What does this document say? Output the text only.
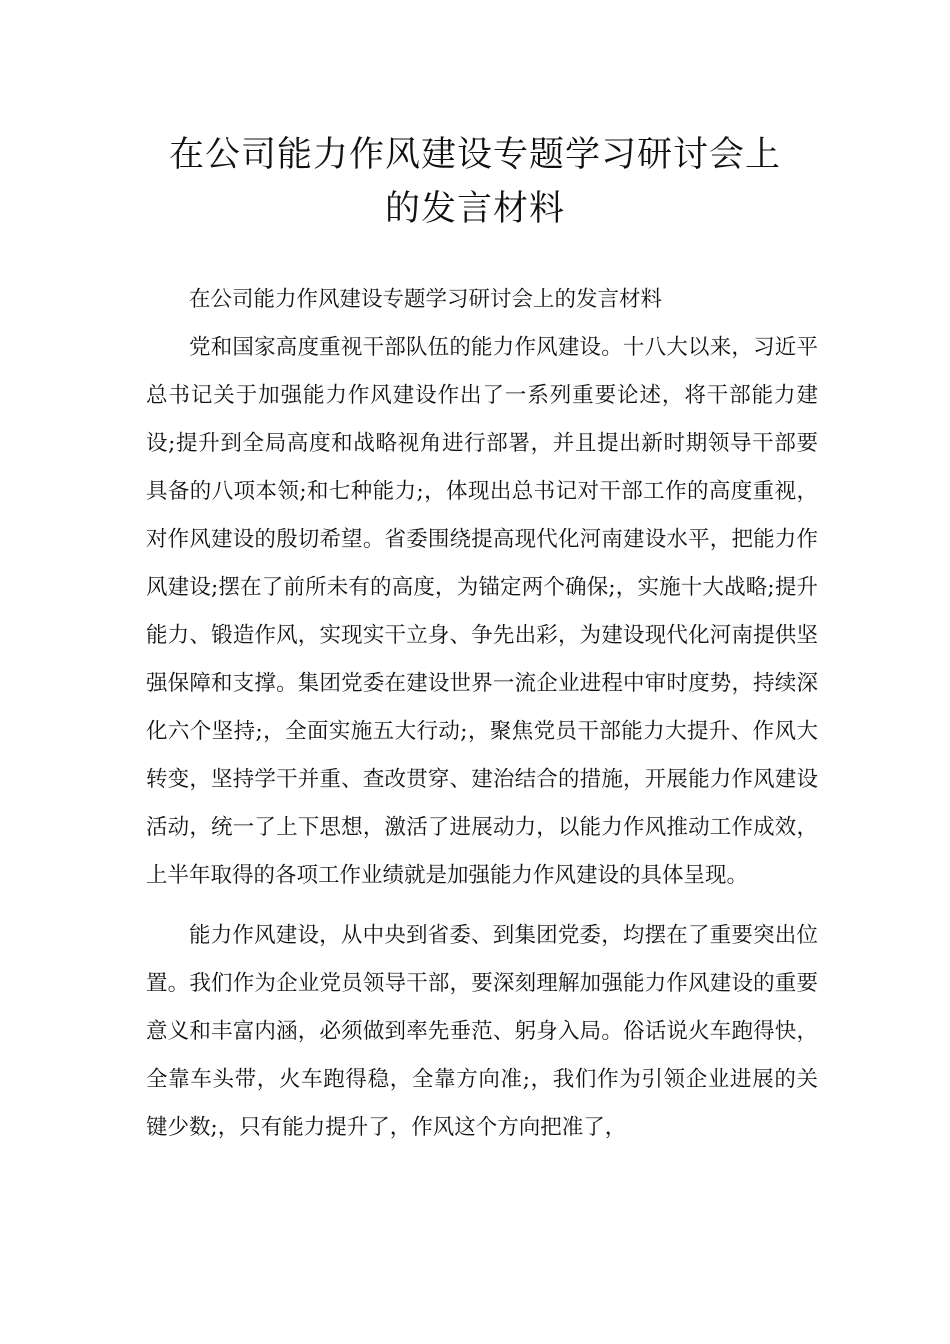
在公司能力作风建设专题学习研讨会上
的发言材料

在公司能力作风建设专题学习研讨会上的发言材料

党和国家高度重视干部队伍的能力作风建设。十八大以来，习近平总书记关于加强能力作风建设作出了一系列重要论述，将干部能力建设;提升到全局高度和战略视角进行部署，并且提出新时期领导干部要具备的八项本领;和七种能力;，体现出总书记对干部工作的高度重视，对作风建设的殷切希望。省委围绕提高现代化河南建设水平，把能力作风建设;摆在了前所未有的高度，为锚定两个确保;，实施十大战略;提升能力、锻造作风，实现实干立身、争先出彩，为建设现代化河南提供坚强保障和支撑。集团党委在建设世界一流企业进程中审时度势，持续深化六个坚持;，全面实施五大行动;，聚焦党员干部能力大提升、作风大转变，坚持学干并重、查改贯穿、建治结合的措施，开展能力作风建设活动，统一了上下思想，激活了进展动力，以能力作风推动工作成效，上半年取得的各项工作业绩就是加强能力作风建设的具体呈现。

能力作风建设，从中央到省委、到集团党委，均摆在了重要突出位置。我们作为企业党员领导干部，要深刻理解加强能力作风建设的重要意义和丰富内涵，必须做到率先垂范、躬身入局。俗话说火车跑得快，全靠车头带，火车跑得稳，全靠方向准;，我们作为引领企业进展的关键少数;，只有能力提升了，作风这个方向把准了，
